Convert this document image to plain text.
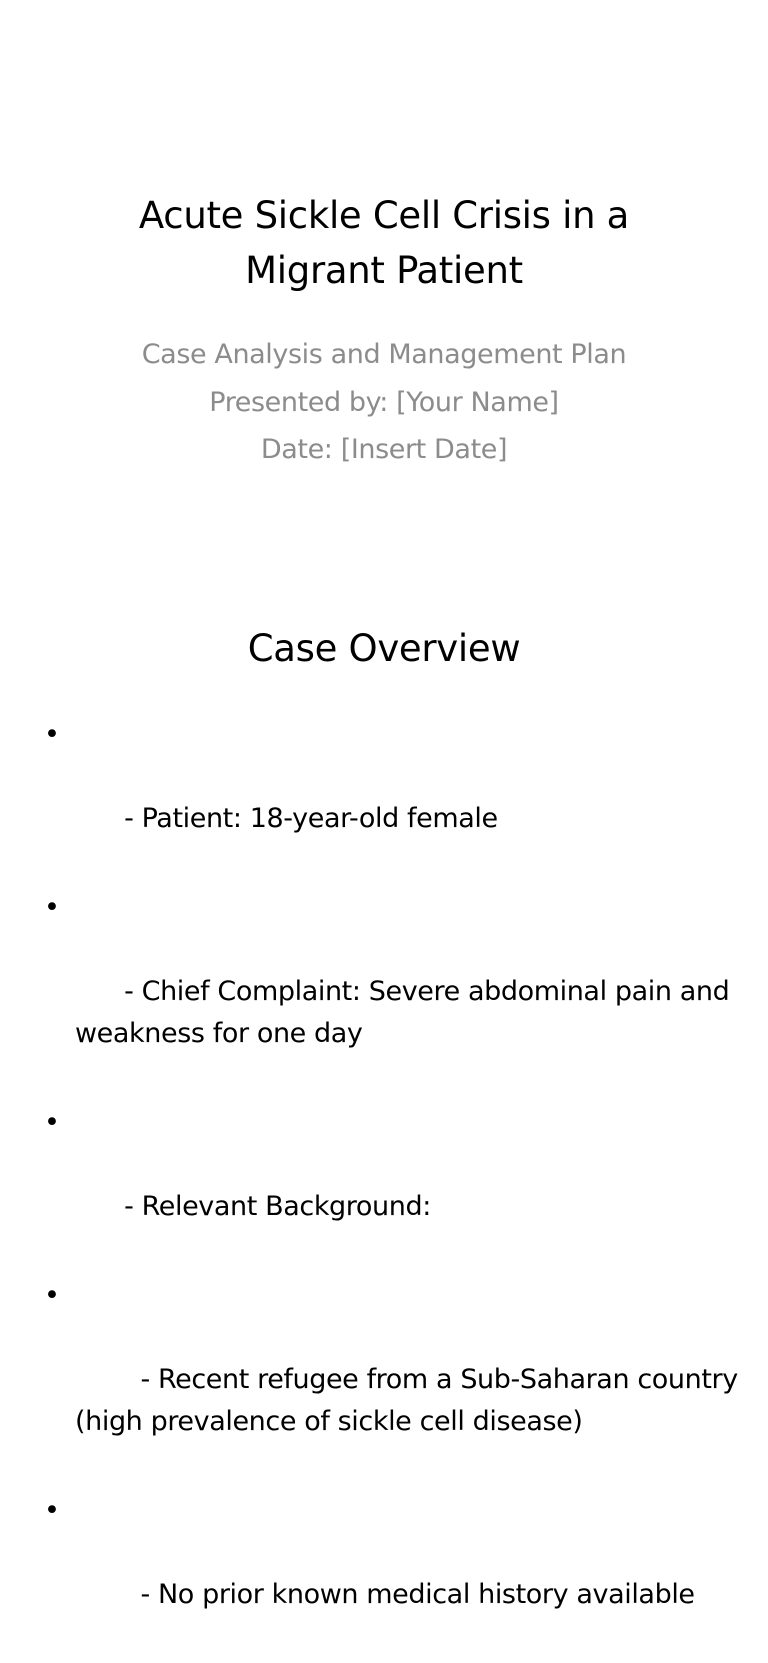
Acute Sickle Cell Crisis in a Migrant Patient
Case Analysis and Management Plan
Presented by: [Your Name]
Date: [Insert Date]
Case Overview

•

- Patient: 18-year-old female

•

- Chief Complaint: Severe abdominal pain and weakness for one day

•

- Relevant Background:

•

- Recent refugee from a Sub-Saharan country (high prevalence of sickle cell disease)

•

- No prior known medical history available
